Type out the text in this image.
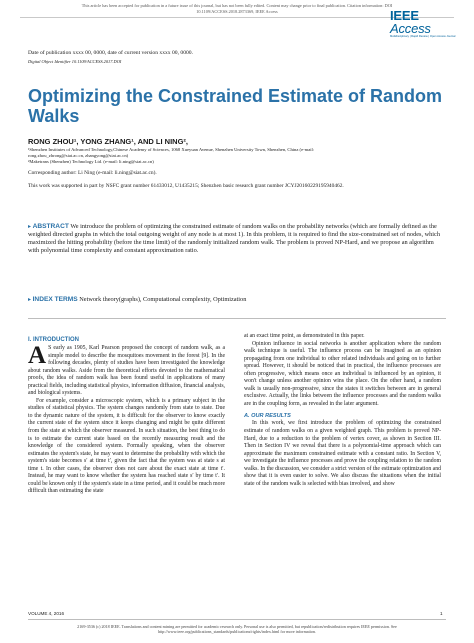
This article has been accepted for publication in a future issue of this journal, but has not been fully edited. Content may change prior to final publication. Citation information: DOI
10.1109/ACCESS.2018.2873369, IEEE Access	IEEE Access
Multidisciplinary | Rapid Review | Open Access Journal
Date of publication xxxx 00, 0000, date of current version xxxx 00, 0000.
Digital Object Identifier 10.1109/ACCESS.2017.DOI
Optimizing the Constrained Estimate of Random Walks
RONG ZHOU¹, YONG ZHANG¹, AND LI NING²,
¹Shenzhen Institutes of Advanced Technology,Chinese Academy of Sciences, 1068 Xueyuan Avenue, Shenzhen University Town, Shenzhen, China (e-mail:
rong.zhou_zhrong@siat.ac.cn, zhangyong@siat.ac.cn)
²Maketrans (Shenzhen) Technology Ltd. (e-mail: li.ning@siat.ac.cn)
Corresponding author: Li Ning (e-mail: li.ning@siat.ac.cn).
This work was supported in part by NSFC grant number 61433012, U1435215; Shenzhen basic research grant number JCYJ20160229195940462.
▸ ABSTRACT We introduce the problem of optimizing the constrained estimate of random walks on the probability networks (which are formally defined as the weighted directed graphs in which the total outgoing weight of any node is at most 1). In this problem, it is required to find the size-constrained set of nodes, which maximized the hitting probability (before the time limit) of the randomly initialized random walk. The problem is proved NP-Hard, and we propose an algorithm with polynomial time complexity and constant approximation ratio.
▸ INDEX TERMS Network theory(graphs), Computational complexity, Optimization
I. INTRODUCTION

A S early as 1905, Karl Pearson proposed the concept of random walk, as a simple model to describe the mosquitoes movement in the forest [9]. In the following decades, plenty of studies have been investigated the knowledge about random walks. Aside from the theoretical efforts devoted to the mathematical proofs, the idea of random walk has been found useful in applications of many practical fields, including statistical physics, information diffusion, financial analysis, and biological systems.

For example, consider a microscopic system, which is a primary subject in the studies of statistical physics. The system changes randomly from state to state. Due to the dynamic nature of the system, it is difficult for the observer to know exactly the current state of the system since it keeps changing and might be quite different from the state at which the observer measured. In such situation, the best thing to do is to estimate the current state based on the recently measuring result and the knowledge of the considered system. Formally speaking, when the observer estimates the system's state, he may want to determine the probability with which the system's state becomes s′ at time t′, given the fact that the system was at state s at time t. In other cases, the observer does not care about the exact state at time t′. Instead, he may want to know whether the system has reached state s′ by time t′. It could be known only if the system's state in a time period, and it could be much more difficult than estimating the state

at an exact time point, as demonstrated in this paper.

Opinion influence in social networks is another application where the random walk technique is useful. The influence process can be imagined as an opinion propagating from one individual to other related individuals and going on to further spread. However, it should be noticed that in practical, the influence processes are often progressive, which means once an individual is influenced by an opinion, it won't change unless another opinion wins the place. On the other hand, a random walk is usually non-progressive, since the states it switches between are in general exclusive. Actually, the links between the influence processes and the random walks are in the coupling form, as revealed in the later argument.

A. OUR RESULTS

In this work, we first introduce the problem of optimizing the constrained estimate of random walks on a given weighted graph. This problem is proved NP-Hard, due to a reduction to the problem of vertex cover, as shown in Section III. Then in Section IV we reveal that there is a polynomial-time approach which can approximate the maximum constrained estimate with a constant ratio. In Section V, we investigate the influence processes and prove the coupling relation to the random walks. In the discussion, we consider a strict version of the estimate optimization and show that it is even easier to solve. We also discuss the situations when the initial state of the random walk is selected with bias involved, and show

VOLUME 4, 2016	1
2169-3536 (c) 2018 IEEE. Translations and content mining are permitted for academic research only. Personal use is also permitted, but republication/redistribution requires IEEE permission. See
http://www.ieee.org/publications_standards/publications/rights/index.html for more information.
